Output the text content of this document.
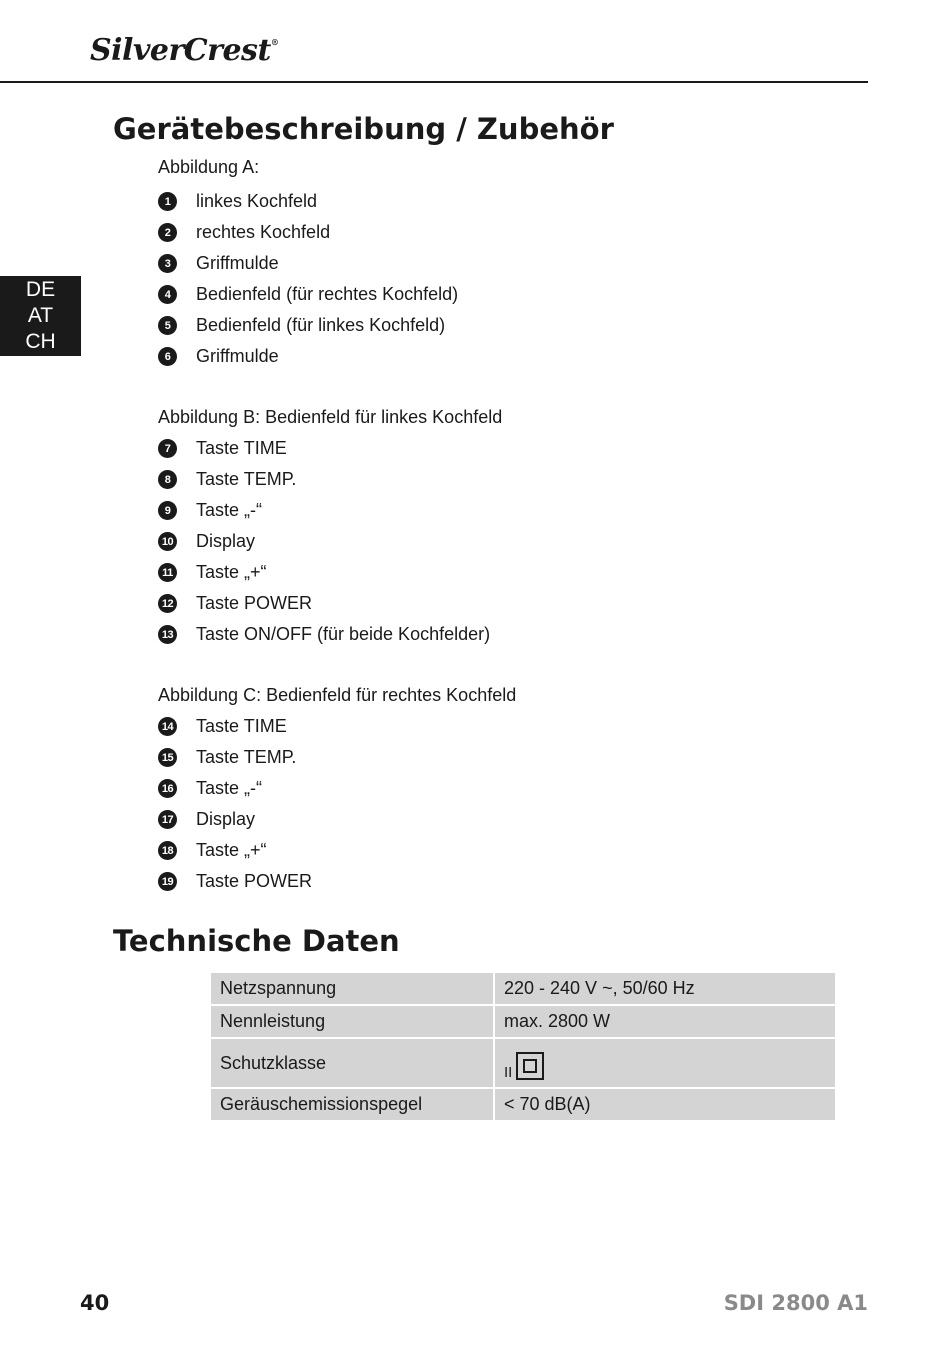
SilverCrest®
DE
AT
CH
Gerätebeschreibung / Zubehör
Abbildung A:
1	linkes Kochfeld
2	rechtes Kochfeld
3	Griffmulde
4	Bedienfeld (für rechtes Kochfeld)
5	Bedienfeld (für linkes Kochfeld)
6	Griffmulde
Abbildung B: Bedienfeld für linkes Kochfeld
7	Taste TIME
8	Taste TEMP.
9	Taste „-“
10 Display
11 Taste „+“
12 Taste POWER
13 Taste ON/OFF (für beide Kochfelder)
Abbildung C: Bedienfeld für rechtes Kochfeld
14 Taste TIME
15 Taste TEMP.
16 Taste „-“
17 Display
18 Taste „+“
19 Taste POWER
Technische Daten
Netzspannung	220 - 240 V ~, 50/60 Hz
Nennleistung	max. 2800 W
Schutzklasse	II
Geräuschemissionspegel	< 70 dB(A)
40	SDI 2800 A1
